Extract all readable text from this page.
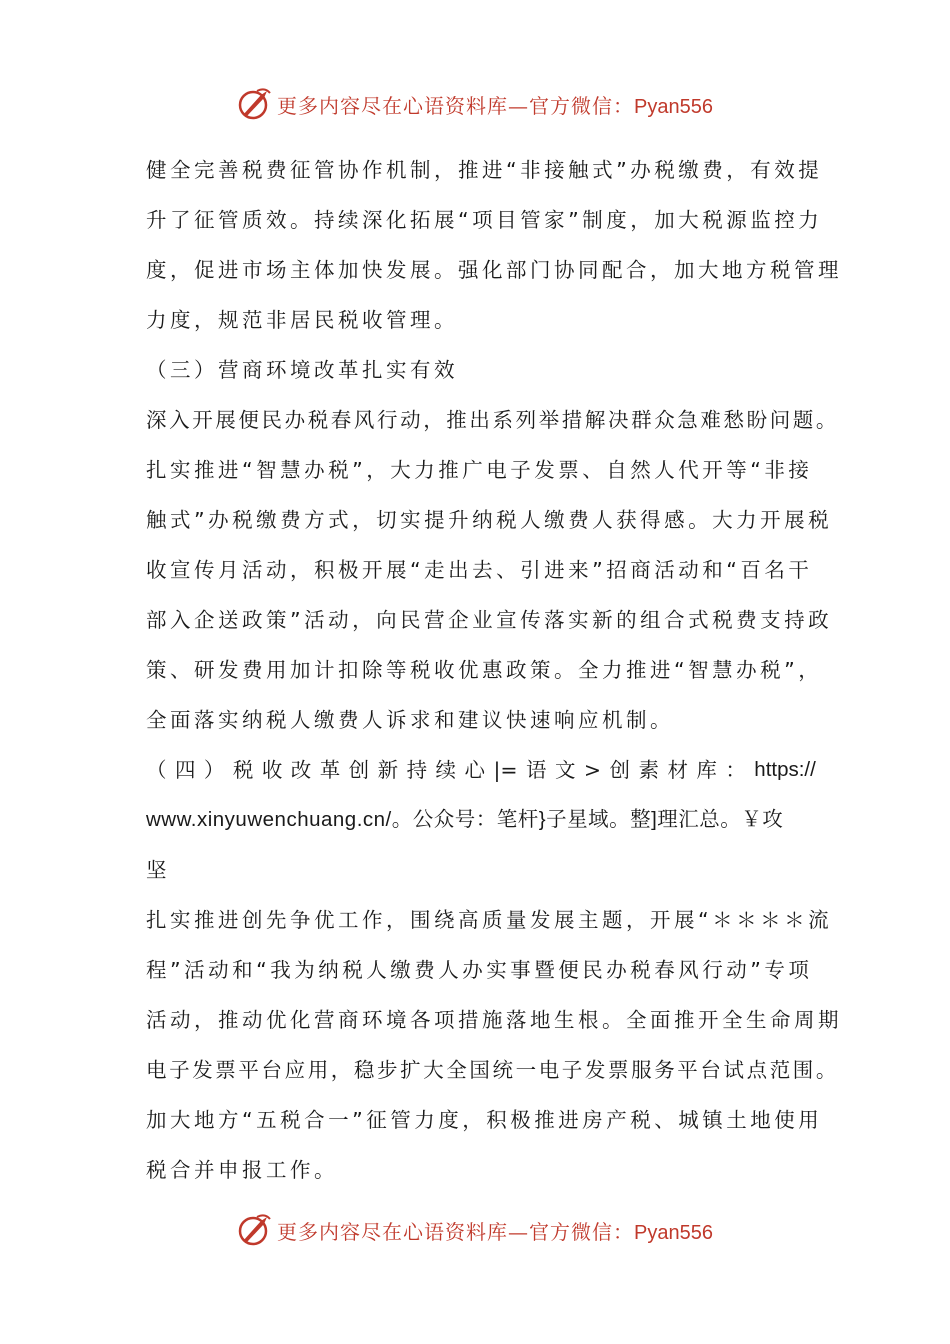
更多内容尽在心语资料库—官方微信：Pyan556
健全完善税费征管协作机制，推进“非接触式”办税缴费，有效提
升了征管质效。持续深化拓展“项目管家”制度，加大税源监控力
度，促进市场主体加快发展。强化部门协同配合，加大地方税管理
力度，规范非居民税收管理。
（三）营商环境改革扎实有效
深入开展便民办税春风行动，推出系列举措解决群众急难愁盼问题。
扎实推进“智慧办税”，大力推广电子发票、自然人代开等“非接
触式”办税缴费方式，切实提升纳税人缴费人获得感。大力开展税
收宣传月活动，积极开展“走出去、引进来”招商活动和“百名干
部入企送政策”活动，向民营企业宣传落实新的组合式税费支持政
策、研发费用加计扣除等税收优惠政策。全力推进“智慧办税”，
全面落实纳税人缴费人诉求和建议快速响应机制。
（ 四 ） 税 收 改 革 创 新 持 续 心 |= 语 文 > 创 素 材 库 ： https://
www.xinyuwenchuang.cn/。公众号：笔杆}子星域。整]理汇总。￥攻
坚
扎实推进创先争优工作，围绕高质量发展主题，开展“＊＊＊＊流
程”活动和“我为纳税人缴费人办实事暨便民办税春风行动”专项
活动，推动优化营商环境各项措施落地生根。全面推开全生命周期
电子发票平台应用，稳步扩大全国统一电子发票服务平台试点范围。
加大地方“五税合一”征管力度，积极推进房产税、城镇土地使用
税合并申报工作。
更多内容尽在心语资料库—官方微信：Pyan556
